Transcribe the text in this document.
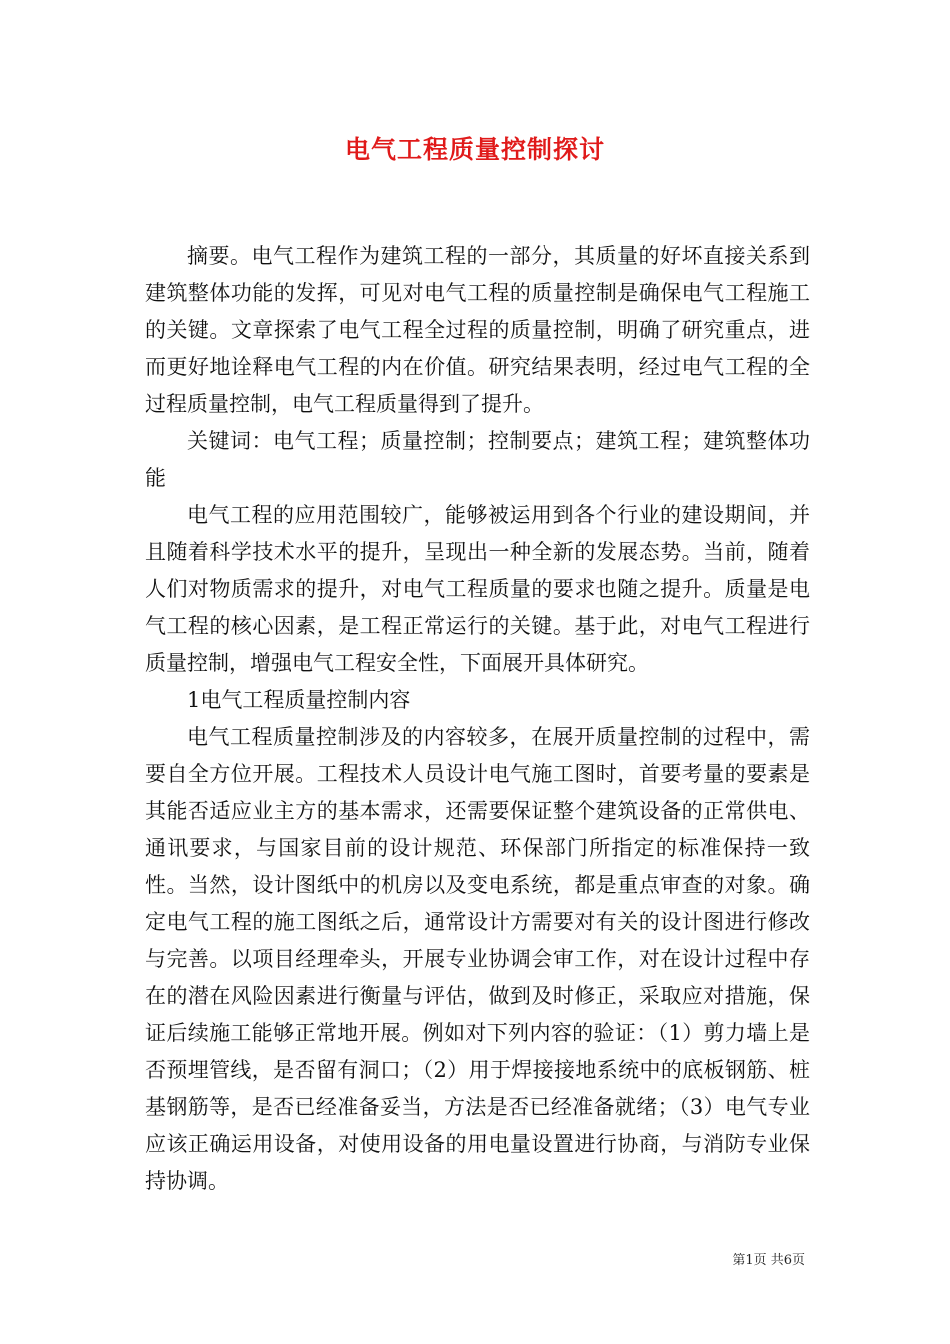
电气工程质量控制探讨

摘要。电气工程作为建筑工程的一部分，其质量的好坏直接关系到建筑整体功能的发挥，可见对电气工程的质量控制是确保电气工程施工的关键。文章探索了电气工程全过程的质量控制，明确了研究重点，进而更好地诠释电气工程的内在价值。研究结果表明，经过电气工程的全过程质量控制，电气工程质量得到了提升。

关键词：电气工程；质量控制；控制要点；建筑工程；建筑整体功能

电气工程的应用范围较广，能够被运用到各个行业的建设期间，并且随着科学技术水平的提升，呈现出一种全新的发展态势。当前，随着人们对物质需求的提升，对电气工程质量的要求也随之提升。质量是电气工程的核心因素，是工程正常运行的关键。基于此，对电气工程进行质量控制，增强电气工程安全性，下面展开具体研究。

1电气工程质量控制内容

电气工程质量控制涉及的内容较多，在展开质量控制的过程中，需要自全方位开展。工程技术人员设计电气施工图时，首要考量的要素是其能否适应业主方的基本需求，还需要保证整个建筑设备的正常供电、通讯要求，与国家目前的设计规范、环保部门所指定的标准保持一致性。当然，设计图纸中的机房以及变电系统，都是重点审查的对象。确定电气工程的施工图纸之后，通常设计方需要对有关的设计图进行修改与完善。以项目经理牵头，开展专业协调会审工作，对在设计过程中存在的潜在风险因素进行衡量与评估，做到及时修正，采取应对措施，保证后续施工能够正常地开展。例如对下列内容的验证：（1）剪力墙上是否预埋管线，是否留有洞口；（2）用于焊接接地系统中的底板钢筋、桩基钢筋等，是否已经准备妥当，方法是否已经准备就绪；（3）电气专业应该正确运用设备，对使用设备的用电量设置进行协商，与消防专业保持协调。

第1页 共6页
